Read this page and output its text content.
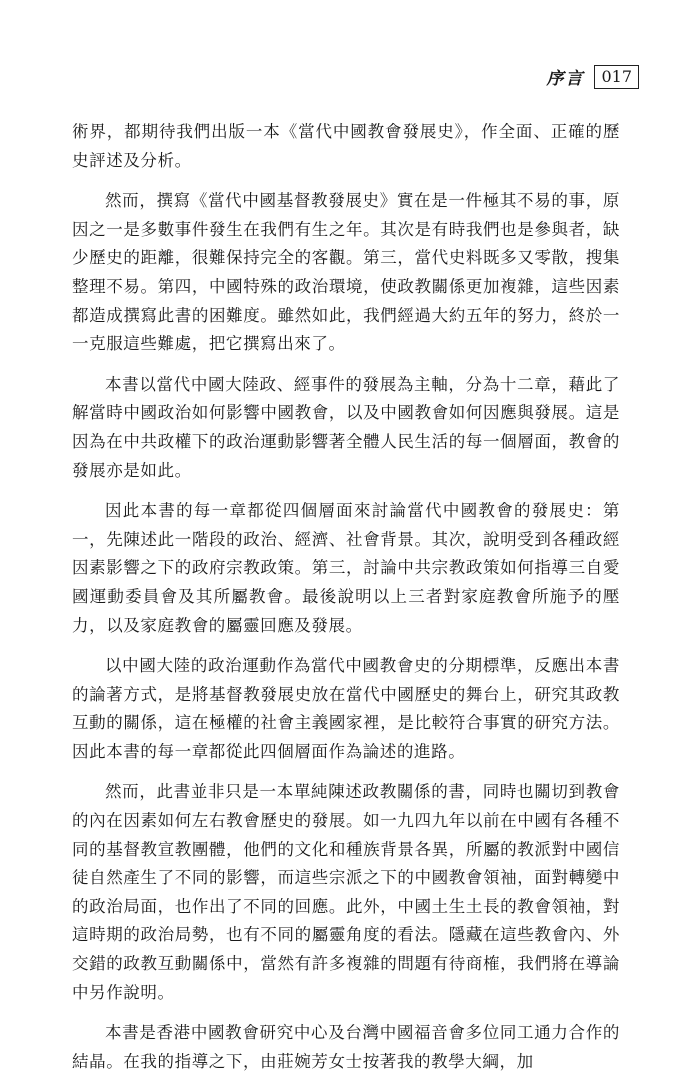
序言	017

術界，都期待我們出版一本《當代中國教會發展史》，作全面、正確的歷史評述及分析。

然而，撰寫《當代中國基督教發展史》實在是一件極其不易的事，原因之一是多數事件發生在我們有生之年。其次是有時我們也是參與者，缺少歷史的距離，很難保持完全的客觀。第三，當代史料既多又零散，搜集整理不易。第四，中國特殊的政治環境，使政教關係更加複雜，這些因素都造成撰寫此書的困難度。雖然如此，我們經過大約五年的努力，終於一一克服這些難處，把它撰寫出來了。

本書以當代中國大陸政、經事件的發展為主軸，分為十二章，藉此了解當時中國政治如何影響中國教會，以及中國教會如何因應與發展。這是因為在中共政權下的政治運動影響著全體人民生活的每一個層面，教會的發展亦是如此。

因此本書的每一章都從四個層面來討論當代中國教會的發展史：第一，先陳述此一階段的政治、經濟、社會背景。其次，說明受到各種政經因素影響之下的政府宗教政策。第三，討論中共宗教政策如何指導三自愛國運動委員會及其所屬教會。最後說明以上三者對家庭教會所施予的壓力，以及家庭教會的屬靈回應及發展。

以中國大陸的政治運動作為當代中國教會史的分期標準，反應出本書的論著方式，是將基督教發展史放在當代中國歷史的舞台上，研究其政教互動的關係，這在極權的社會主義國家裡，是比較符合事實的研究方法。因此本書的每一章都從此四個層面作為論述的進路。

然而，此書並非只是一本單純陳述政教關係的書，同時也關切到教會的內在因素如何左右教會歷史的發展。如一九四九年以前在中國有各種不同的基督教宣教團體，他們的文化和種族背景各異，所屬的教派對中國信徒自然產生了不同的影響，而這些宗派之下的中國教會領袖，面對轉變中的政治局面，也作出了不同的回應。此外，中國土生土長的教會領袖，對這時期的政治局勢，也有不同的屬靈角度的看法。隱藏在這些教會內、外交錯的政教互動關係中，當然有許多複雜的問題有待商榷，我們將在導論中另作說明。

本書是香港中國教會研究中心及台灣中國福音會多位同工通力合作的結晶。在我的指導之下，由莊婉芳女士按著我的教學大綱，加
